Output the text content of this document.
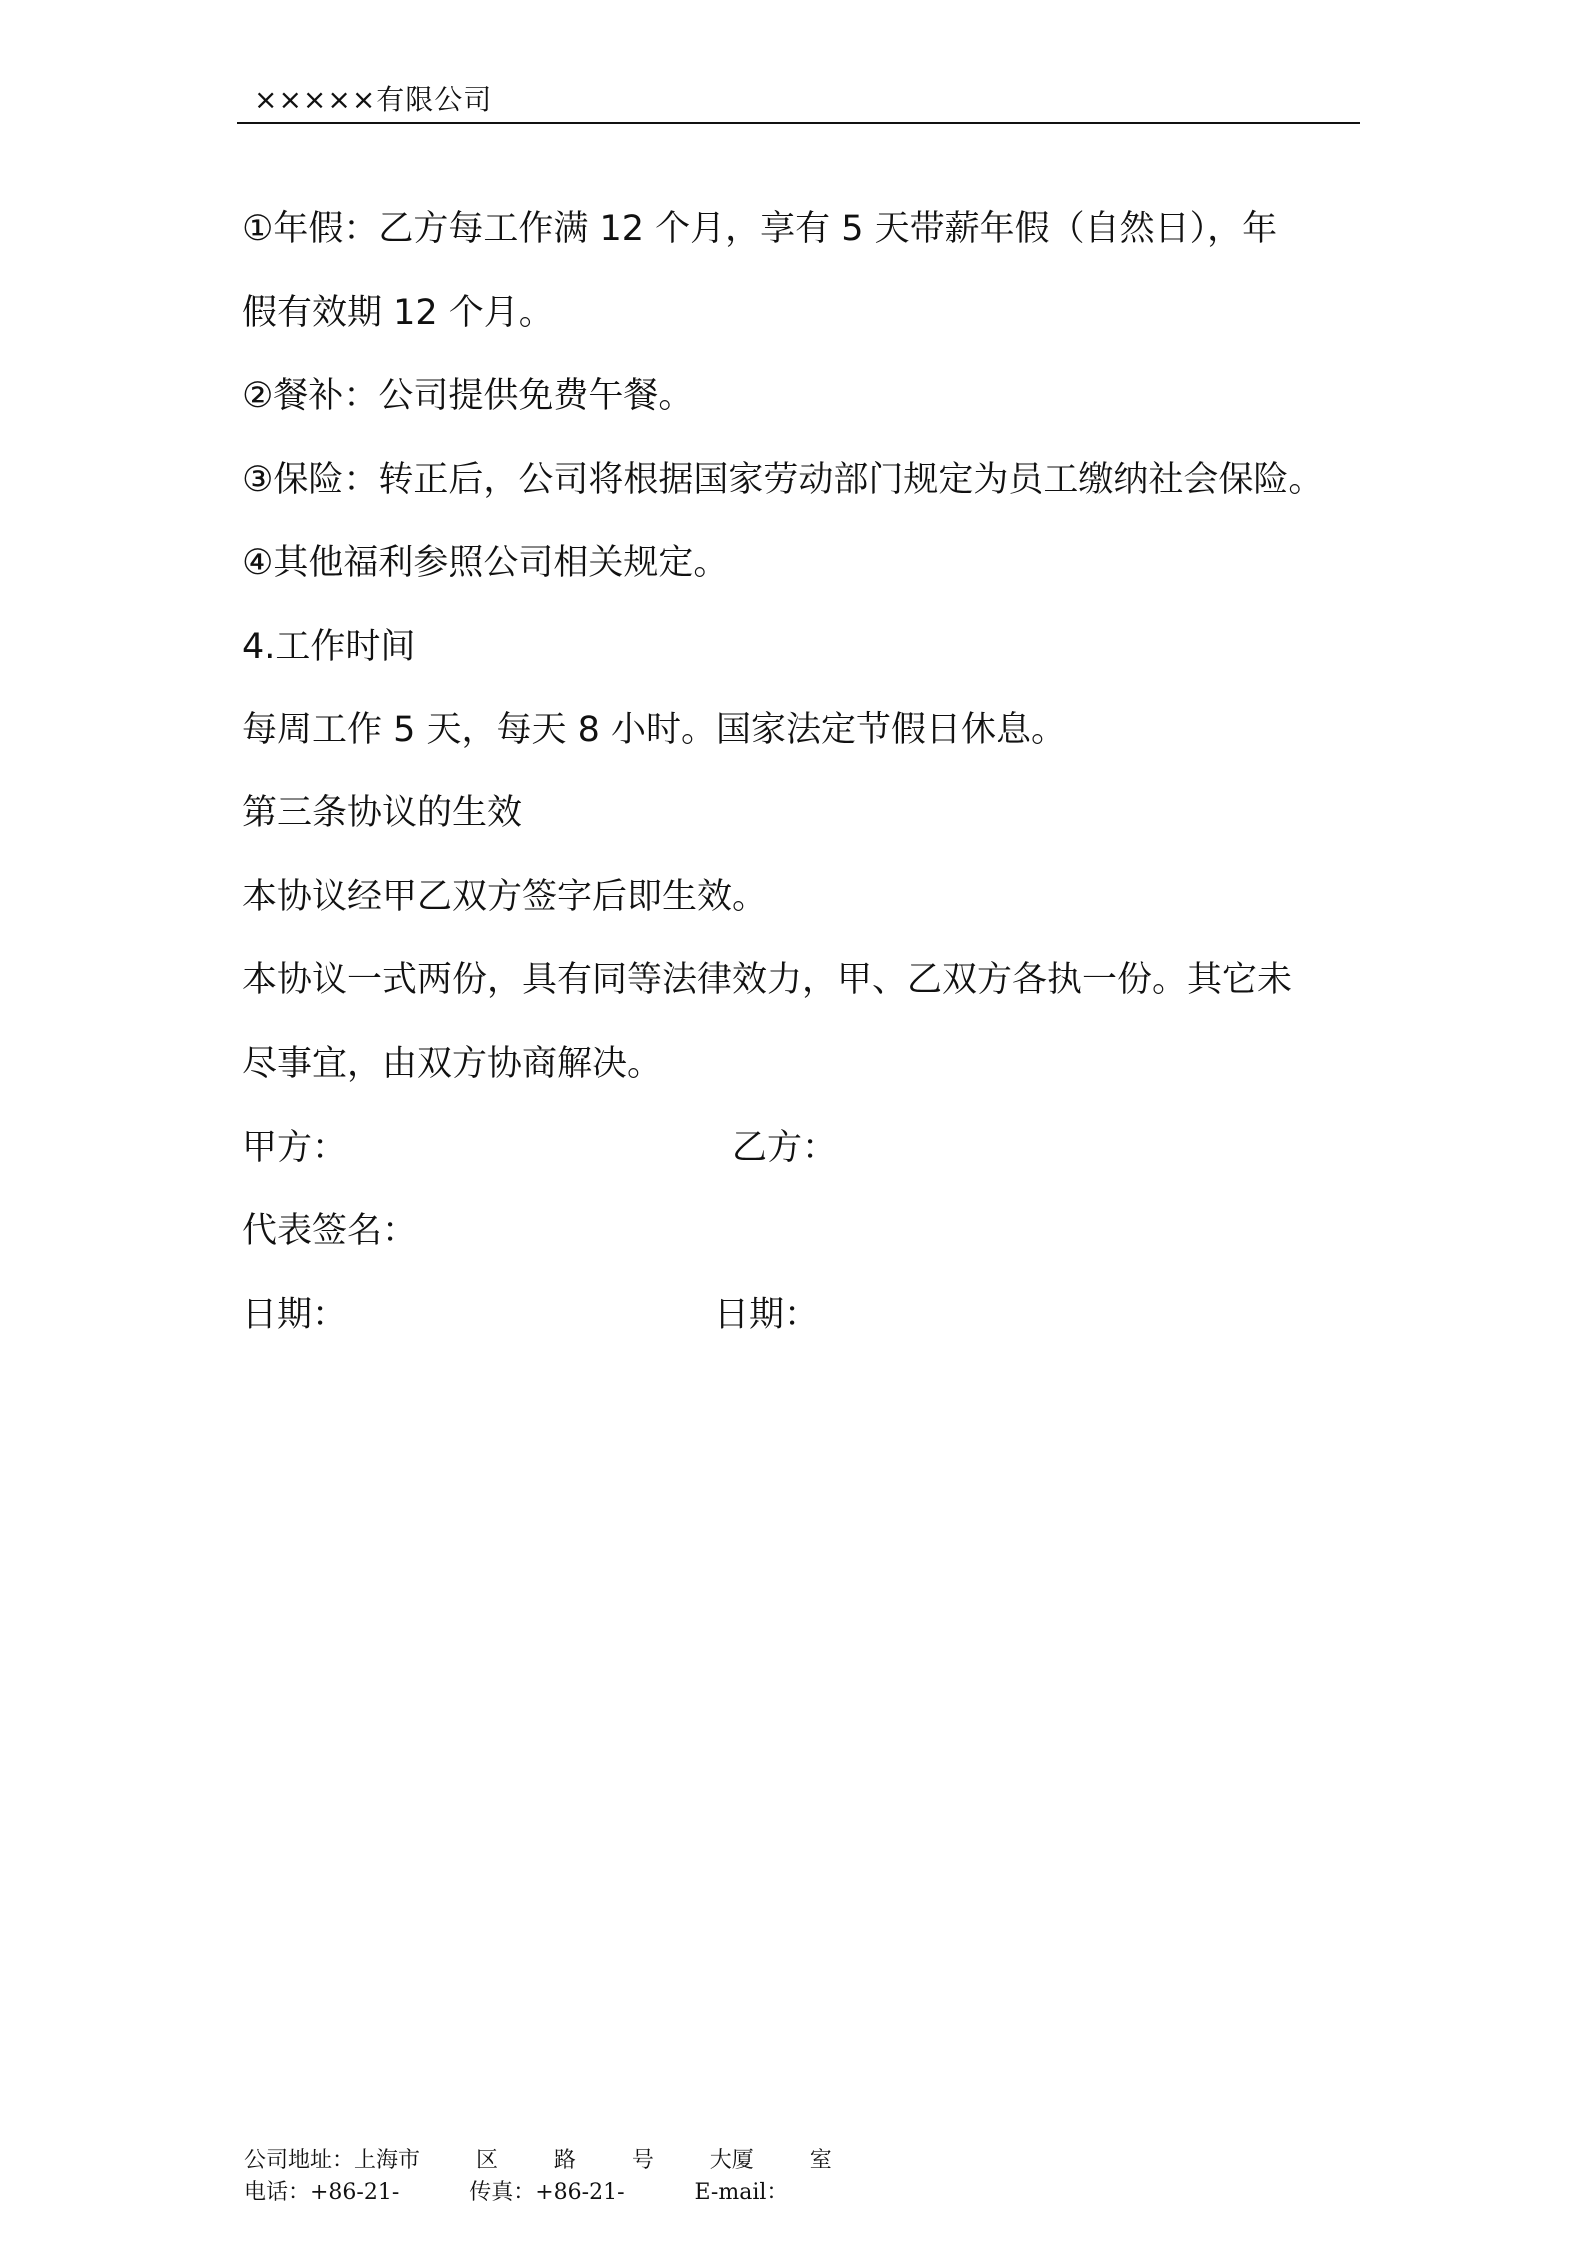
×××××有限公司
①年假：乙方每工作满 12 个月，享有 5 天带薪年假（自然日），年
假有效期 12 个月。
②餐补：公司提供免费午餐。
③保险：转正后，公司将根据国家劳动部门规定为员工缴纳社会保险。
④其他福利参照公司相关规定。
4.工作时间
每周工作 5 天，每天 8 小时。国家法定节假日休息。
第三条协议的生效
本协议经甲乙双方签字后即生效。
本协议一式两份，具有同等法律效力，甲、乙双方各执一份。其它未
尽事宜，由双方协商解决。
甲方：	乙方：
代表签名：
日期：	日期：
公司地址：上海市        区        路        号        大厦        室
电话：+86-21-          传真：+86-21-          E-mail：
